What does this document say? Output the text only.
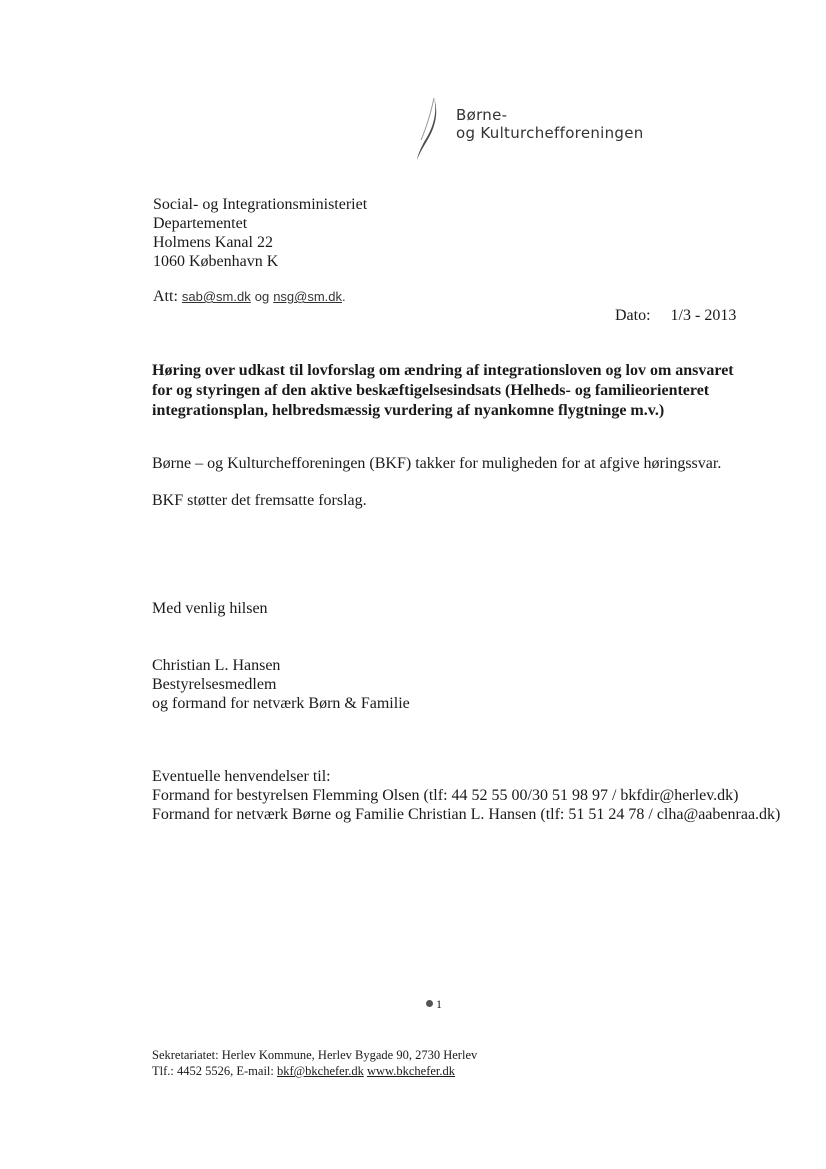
Børne-
og Kulturchefforeningen
Social- og Integrationsministeriet
Departementet
Holmens Kanal 22
1060 København K
Att: sab@sm.dk og nsg@sm.dk.
Dato: 1/3 - 2013
Høring over udkast til lovforslag om ændring af integrationsloven og lov om ansvaret
for og styringen af den aktive beskæftigelsesindsats (Helheds- og familieorienteret
integrationsplan, helbredsmæssig vurdering af nyankomne flygtninge m.v.)
Børne – og Kulturchefforeningen (BKF) takker for muligheden for at afgive høringssvar.
BKF støtter det fremsatte forslag.
Med venlig hilsen
Christian L. Hansen
Bestyrelsesmedlem
og formand for netværk Børn & Familie
Eventuelle henvendelser til:
Formand for bestyrelsen Flemming Olsen (tlf: 44 52 55 00/30 51 98 97 / bkfdir@herlev.dk)
Formand for netværk Børne og Familie Christian L. Hansen (tlf: 51 51 24 78 / clha@aabenraa.dk)
1
Sekretariatet: Herlev Kommune, Herlev Bygade 90, 2730 Herlev
Tlf.: 4452 5526, E-mail: bkf@bkchefer.dk www.bkchefer.dk
